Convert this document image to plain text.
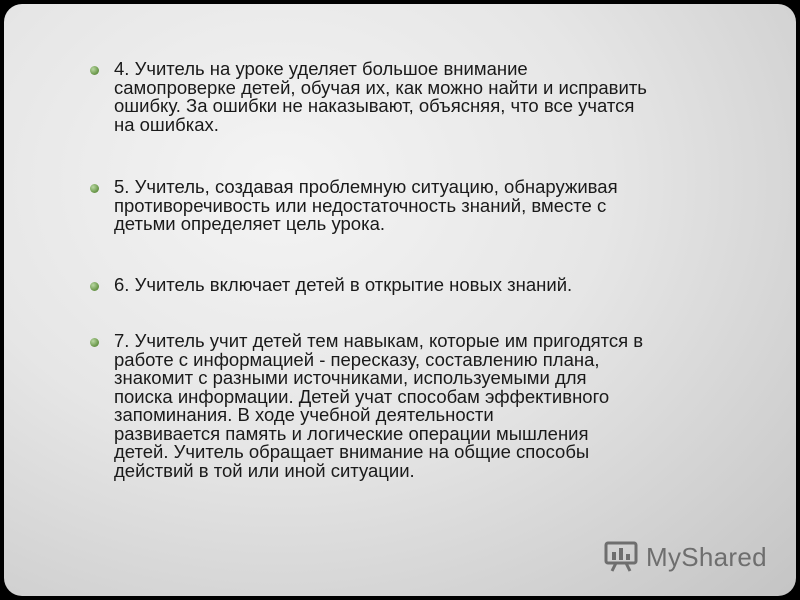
4. Учитель на уроке уделяет большое внимание
самопроверке детей, обучая их, как можно найти и исправить
ошибку. За ошибки не наказывают, объясняя, что все учатся
на ошибках.
5. Учитель, создавая проблемную ситуацию, обнаруживая
противоречивость или недостаточность знаний, вместе с
детьми определяет цель урока.
6. Учитель включает детей в открытие новых знаний.
7. Учитель учит детей тем навыкам, которые им пригодятся в
работе с информацией - пересказу, составлению плана,
знакомит с разными источниками, используемыми для
поиска информации. Детей учат способам эффективного
запоминания. В ходе учебной деятельности
развивается память и логические операции мышления
детей. Учитель обращает внимание на общие способы
действий в той или иной ситуации.
MyShared
